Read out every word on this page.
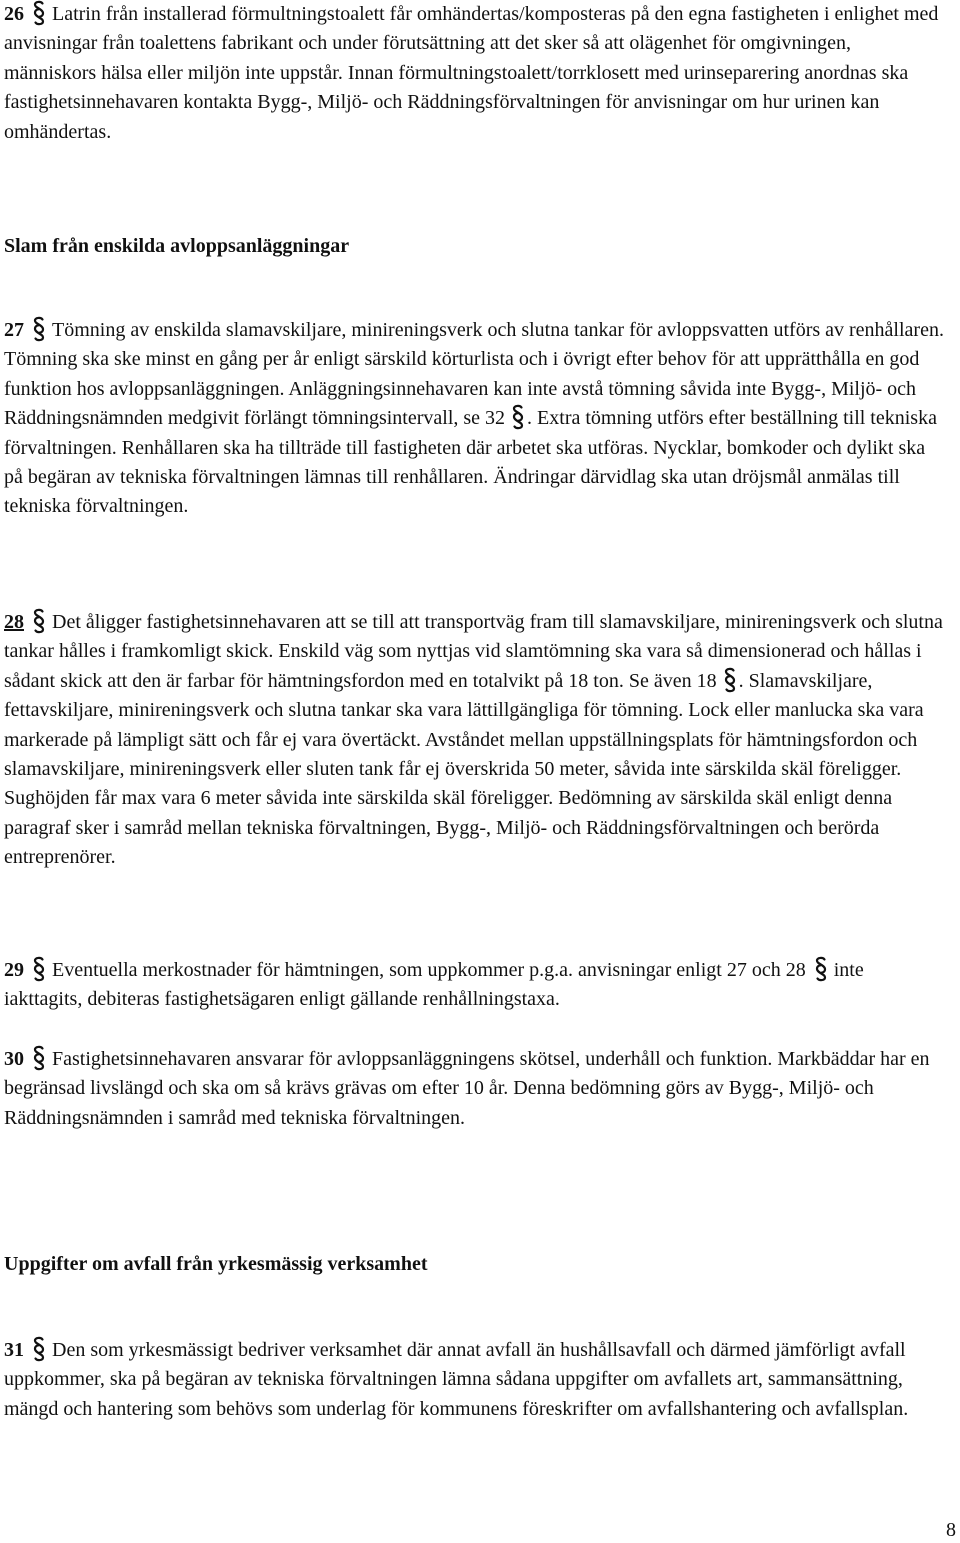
26 Latrin från installerad förmultningstoalett får omhändertas/komposteras på den egna fastigheten i enlighet med anvisningar från toalettens fabrikant och under förutsättning att det sker så att olägenhet för omgivningen, människors hälsa eller miljön inte uppstår. Innan förmultningstoalett/torrklosett med urinseparering anordnas ska fastighetsinnehavaren kontakta Bygg-, Miljö- och Räddningsförvaltningen för anvisningar om hur urinen kan omhändertas.

Slam från enskilda avloppsanläggningar

27 Tömning av enskilda slamavskiljare, minireningsverk och slutna tankar för avloppsvatten utförs av renhållaren. Tömning ska ske minst en gång per år enligt särskild körturlista och i övrigt efter behov för att upprätthålla en god funktion hos avloppsanläggningen. Anläggningsinnehavaren kan inte avstå tömning såvida inte Bygg-, Miljö- och Räddningsnämnden medgivit förlängt tömningsintervall, se 32 . Extra tömning utförs efter beställning till tekniska förvaltningen. Renhållaren ska ha tillträde till fastigheten där arbetet ska utföras. Nycklar, bomkoder och dylikt ska på begäran av tekniska förvaltningen lämnas till renhållaren. Ändringar därvidlag ska utan dröjsmål anmälas till tekniska förvaltningen.

28 Det åligger fastighetsinnehavaren att se till att transportväg fram till slamavskiljare, minireningsverk och slutna tankar hålles i framkomligt skick. Enskild väg som nyttjas vid slamtömning ska vara så dimensionerad och hållas i sådant skick att den är farbar för hämtningsfordon med en totalvikt på 18 ton. Se även 18 . Slamavskiljare, fettavskiljare, minireningsverk och slutna tankar ska vara lättillgängliga för tömning. Lock eller manlucka ska vara markerade på lämpligt sätt och får ej vara övertäckt. Avståndet mellan uppställningsplats för hämtningsfordon och slamavskiljare, minireningsverk eller sluten tank får ej överskrida 50 meter, såvida inte särskilda skäl föreligger. Sughöjden får max vara 6 meter såvida inte särskilda skäl föreligger. Bedömning av särskilda skäl enligt denna paragraf sker i samråd mellan tekniska förvaltningen, Bygg-, Miljö- och Räddningsförvaltningen och berörda entreprenörer.

29 Eventuella merkostnader för hämtningen, som uppkommer p.g.a. anvisningar enligt 27 och 28 inte iakttagits, debiteras fastighetsägaren enligt gällande renhållningstaxa.

30 Fastighetsinnehavaren ansvarar för avloppsanläggningens skötsel, underhåll och funktion. Markbäddar har en begränsad livslängd och ska om så krävs grävas om efter 10 år. Denna bedömning görs av Bygg-, Miljö- och Räddningsnämnden i samråd med tekniska förvaltningen.

Uppgifter om avfall från yrkesmässig verksamhet

31 Den som yrkesmässigt bedriver verksamhet där annat avfall än hushållsavfall och därmed jämförligt avfall uppkommer, ska på begäran av tekniska förvaltningen lämna sådana uppgifter om avfallets art, sammansättning, mängd och hantering som behövs som underlag för kommunens föreskrifter om avfallshantering och avfallsplan.

8
